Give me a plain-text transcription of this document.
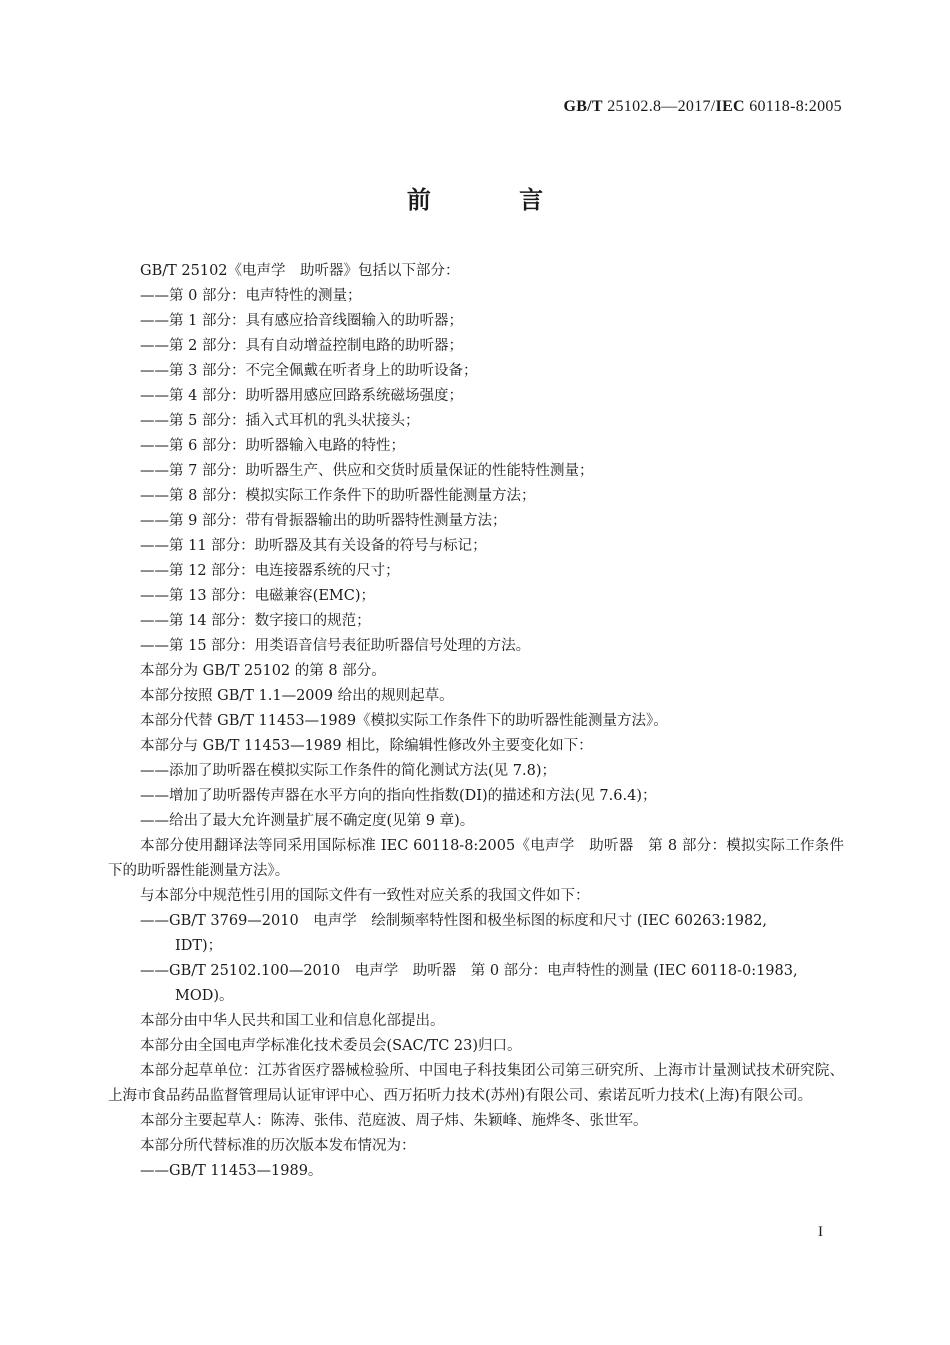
GB/T 25102.8—2017/IEC 60118-8:2005
前 言

GB/T 25102《电声学　助听器》包括以下部分：

——第 0 部分：电声特性的测量；

——第 1 部分：具有感应拾音线圈输入的助听器；

——第 2 部分：具有自动增益控制电路的助听器；

——第 3 部分：不完全佩戴在听者身上的助听设备；

——第 4 部分：助听器用感应回路系统磁场强度；

——第 5 部分：插入式耳机的乳头状接头；

——第 6 部分：助听器输入电路的特性；

——第 7 部分：助听器生产、供应和交货时质量保证的性能特性测量；

——第 8 部分：模拟实际工作条件下的助听器性能测量方法；

——第 9 部分：带有骨振器输出的助听器特性测量方法；

——第 11 部分：助听器及其有关设备的符号与标记；

——第 12 部分：电连接器系统的尺寸；

——第 13 部分：电磁兼容(EMC)；

——第 14 部分：数字接口的规范；

——第 15 部分：用类语音信号表征助听器信号处理的方法。

本部分为 GB/T 25102 的第 8 部分。

本部分按照 GB/T 1.1—2009 给出的规则起草。

本部分代替 GB/T 11453—1989《模拟实际工作条件下的助听器性能测量方法》。

本部分与 GB/T 11453—1989 相比，除编辑性修改外主要变化如下：

——添加了助听器在模拟实际工作条件的简化测试方法(见 7.8)；

——增加了助听器传声器在水平方向的指向性指数(DI)的描述和方法(见 7.6.4)；

——给出了最大允许测量扩展不确定度(见第 9 章)。

本部分使用翻译法等同采用国际标准 IEC 60118-8:2005《电声学　助听器　第 8 部分：模拟实际工作条件下的助听器性能测量方法》。

与本部分中规范性引用的国际文件有一致性对应关系的我国文件如下：

——GB/T 3769—2010　电声学　绘制频率特性图和极坐标图的标度和尺寸 (IEC 60263:1982,
IDT)；

——GB/T 25102.100—2010　电声学　助听器　第 0 部分：电声特性的测量 (IEC 60118-0:1983,
MOD)。

本部分由中华人民共和国工业和信息化部提出。

本部分由全国电声学标准化技术委员会(SAC/TC 23)归口。

本部分起草单位：江苏省医疗器械检验所、中国电子科技集团公司第三研究所、上海市计量测试技术研究院、上海市食品药品监督管理局认证审评中心、西万拓听力技术(苏州)有限公司、索诺瓦听力技术(上海)有限公司。

本部分主要起草人：陈涛、张伟、范庭波、周子炜、朱颖峰、施烨冬、张世军。

本部分所代替标准的历次版本发布情况为：

——GB/T 11453—1989。

I
